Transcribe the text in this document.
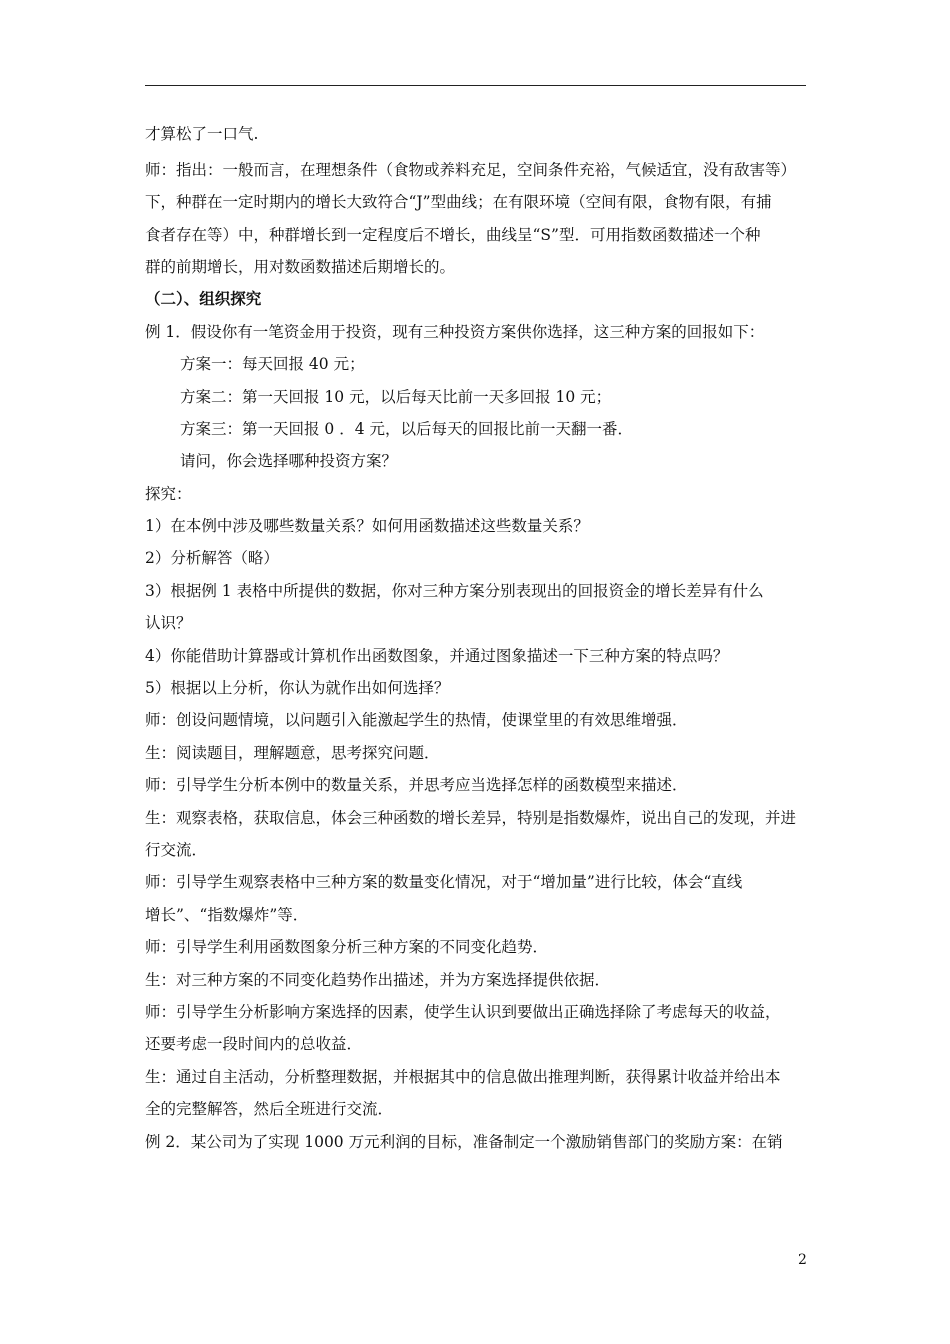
才算松了一口气.
师：指出：一般而言，在理想条件（食物或养料充足，空间条件充裕，气候适宜，没有敌害等）
下，种群在一定时期内的增长大致符合“J”型曲线；在有限环境（空间有限，食物有限，有捕
食者存在等）中，种群增长到一定程度后不增长，曲线呈“S”型．可用指数函数描述一个种
群的前期增长，用对数函数描述后期增长的。
（二）、组织探究
例 1．假设你有一笔资金用于投资，现有三种投资方案供你选择，这三种方案的回报如下：
方案一：每天回报 40 元；
方案二：第一天回报 10 元，以后每天比前一天多回报 10 元；
方案三：第一天回报 0 ．4 元，以后每天的回报比前一天翻一番．
请问，你会选择哪种投资方案？
探究：
1）在本例中涉及哪些数量关系？如何用函数描述这些数量关系？
2）分析解答（略）
3）根据例 1 表格中所提供的数据，你对三种方案分别表现出的回报资金的增长差异有什么
认识？
4）你能借助计算器或计算机作出函数图象，并通过图象描述一下三种方案的特点吗？
5）根据以上分析，你认为就作出如何选择？
师：创设问题情境，以问题引入能激起学生的热情，使课堂里的有效思维增强．
生：阅读题目，理解题意，思考探究问题．
师：引导学生分析本例中的数量关系，并思考应当选择怎样的函数模型来描述．
生：观察表格，获取信息，体会三种函数的增长差异，特别是指数爆炸，说出自己的发现，并进
行交流．
师：引导学生观察表格中三种方案的数量变化情况，对于“增加量”进行比较，体会“直线
增长”、“指数爆炸”等．
师：引导学生利用函数图象分析三种方案的不同变化趋势．
生：对三种方案的不同变化趋势作出描述，并为方案选择提供依据．
师：引导学生分析影响方案选择的因素，使学生认识到要做出正确选择除了考虑每天的收益，
还要考虑一段时间内的总收益．
生：通过自主活动，分析整理数据，并根据其中的信息做出推理判断，获得累计收益并给出本
全的完整解答，然后全班进行交流．
例 2．某公司为了实现 1000 万元利润的目标，准备制定一个激励销售部门的奖励方案：在销
2
